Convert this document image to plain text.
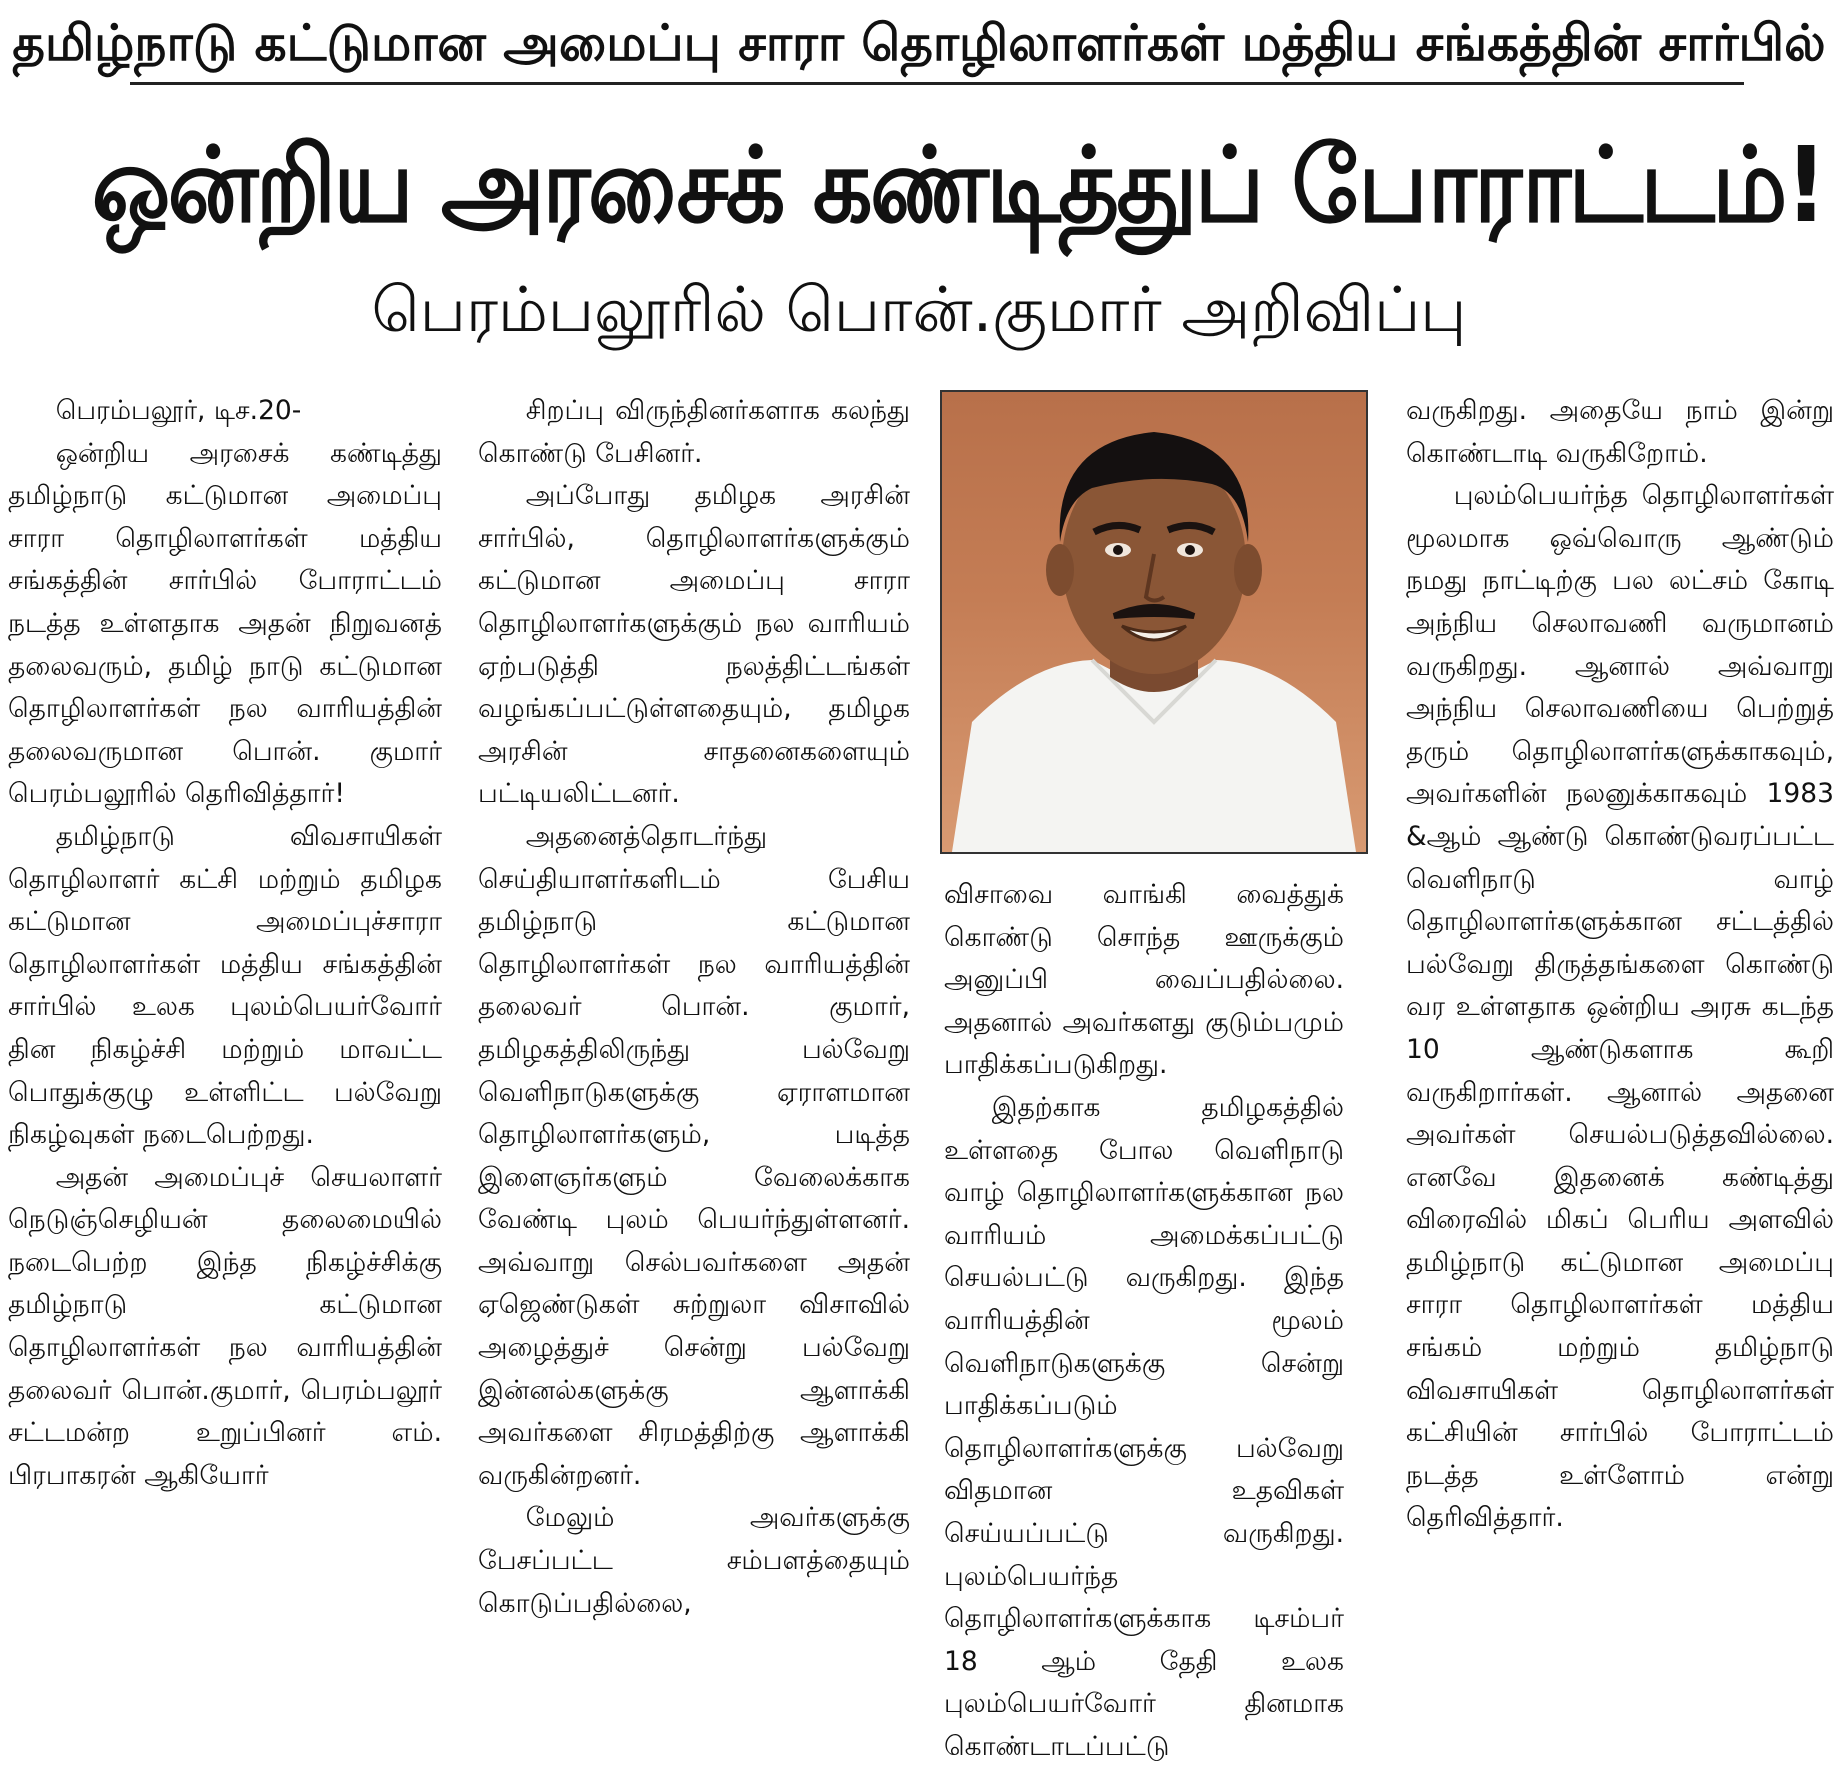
தமிழ்நாடு கட்டுமான அமைப்பு சாரா தொழிலாளர்கள் மத்திய சங்கத்தின் சார்பில்
ஒன்றிய அரசைக் கண்டித்துப் போராட்டம்!
பெரம்பலூரில் பொன்.குமார் அறிவிப்பு

பெரம்பலூர், டிச.20-

ஒன்றிய அரசைக் கண்டித்து தமிழ்நாடு கட்டுமான அமைப்பு சாரா தொழிலாளர்கள் மத்திய சங்கத்தின் சார்பில் போராட்டம் நடத்த உள்ளதாக அதன் நிறுவனத் தலைவரும், தமிழ் நாடு கட்டுமான தொழிலாளர்கள் நல வாரியத்தின் தலைவருமான பொன். குமார் பெரம்பலூரில் தெரிவித்தார்!

தமிழ்நாடு விவசாயிகள் தொழிலாளர் கட்சி மற்றும் தமிழக கட்டுமான அமைப்புச்சாரா தொழிலாளர்கள் மத்திய சங்கத்தின் சார்பில் உலக புலம்பெயர்வோர் தின நிகழ்ச்சி மற்றும் மாவட்ட பொதுக்குழு உள்ளிட்ட பல்வேறு நிகழ்வுகள் நடைபெற்றது.

அதன் அமைப்புச் செயலாளர் நெடுஞ்செழியன் தலைமையில் நடைபெற்ற இந்த நிகழ்ச்சிக்கு தமிழ்நாடு கட்டுமான தொழிலாளர்கள் நல வாரியத்தின் தலைவர் பொன்.குமார், பெரம்பலூர் சட்டமன்ற உறுப்பினர் எம். பிரபாகரன் ஆகியோர்

சிறப்பு விருந்தினர்களாக கலந்து கொண்டு பேசினர்.

அப்போது தமிழக அரசின் சார்பில், தொழிலாளர்களுக்கும் கட்டுமான அமைப்பு சாரா தொழிலாளர்களுக்கும் நல வாரியம் ஏற்படுத்தி நலத்திட்டங்கள் வழங்கப்பட்டுள்ளதையும், தமிழக அரசின் சாதனைகளையும் பட்டியலிட்டனர்.

அதனைத்தொடர்ந்து செய்தியாளர்களிடம் பேசிய தமிழ்நாடு கட்டுமான தொழிலாளர்கள் நல வாரியத்தின் தலைவர் பொன். குமார், தமிழகத்திலிருந்து பல்வேறு வெளிநாடுகளுக்கு ஏராளமான தொழிலாளர்களும், படித்த இளைஞர்களும் வேலைக்காக வேண்டி புலம் பெயர்ந்துள்ளனர். அவ்வாறு செல்பவர்களை அதன் ஏஜெண்டுகள் சுற்றுலா விசாவில் அழைத்துச் சென்று பல்வேறு இன்னல்களுக்கு ஆளாக்கி அவர்களை சிரமத்திற்கு ஆளாக்கி வருகின்றனர்.

மேலும் அவர்களுக்கு பேசப்பட்ட சம்பளத்தையும் கொடுப்பதில்லை,

விசாவை வாங்கி வைத்துக் கொண்டு சொந்த ஊருக்கும் அனுப்பி வைப்பதில்லை. அதனால் அவர்களது குடும்பமும் பாதிக்கப்படுகிறது.

இதற்காக தமிழகத்தில் உள்ளதை போல வெளிநாடு வாழ் தொழிலாளர்களுக்கான நல வாரியம் அமைக்கப்பட்டு செயல்பட்டு வருகிறது. இந்த வாரியத்தின் மூலம் வெளிநாடுகளுக்கு சென்று பாதிக்கப்படும் தொழிலாளர்களுக்கு பல்வேறு விதமான உதவிகள் செய்யப்பட்டு வருகிறது. புலம்பெயர்ந்த தொழிலாளர்களுக்காக டிசம்பர் 18 ஆம் தேதி உலக புலம்பெயர்வோர் தினமாக கொண்டாடப்பட்டு

வருகிறது. அதையே நாம் இன்று கொண்டாடி வருகிறோம்.

புலம்பெயர்ந்த தொழிலாளர்கள் மூலமாக ஒவ்வொரு ஆண்டும் நமது நாட்டிற்கு பல லட்சம் கோடி அந்நிய செலாவணி வருமானம் வருகிறது. ஆனால் அவ்வாறு அந்நிய செலாவணியை பெற்றுத் தரும் தொழிலாளர்களுக்காகவும், அவர்களின் நலனுக்காகவும் 1983 &ஆம் ஆண்டு கொண்டுவரப்பட்ட வெளிநாடு வாழ் தொழிலாளர்களுக்கான சட்டத்தில் பல்வேறு திருத்தங்களை கொண்டு வர உள்ளதாக ஒன்றிய அரசு கடந்த 10 ஆண்டுகளாக கூறி வருகிறார்கள். ஆனால் அதனை அவர்கள் செயல்படுத்தவில்லை. எனவே இதனைக் கண்டித்து விரைவில் மிகப் பெரிய அளவில் தமிழ்நாடு கட்டுமான அமைப்பு சாரா தொழிலாளர்கள் மத்திய சங்கம் மற்றும் தமிழ்நாடு விவசாயிகள் தொழிலாளர்கள் கட்சியின் சார்பில் போராட்டம் நடத்த உள்ளோம் என்று தெரிவித்தார்.
